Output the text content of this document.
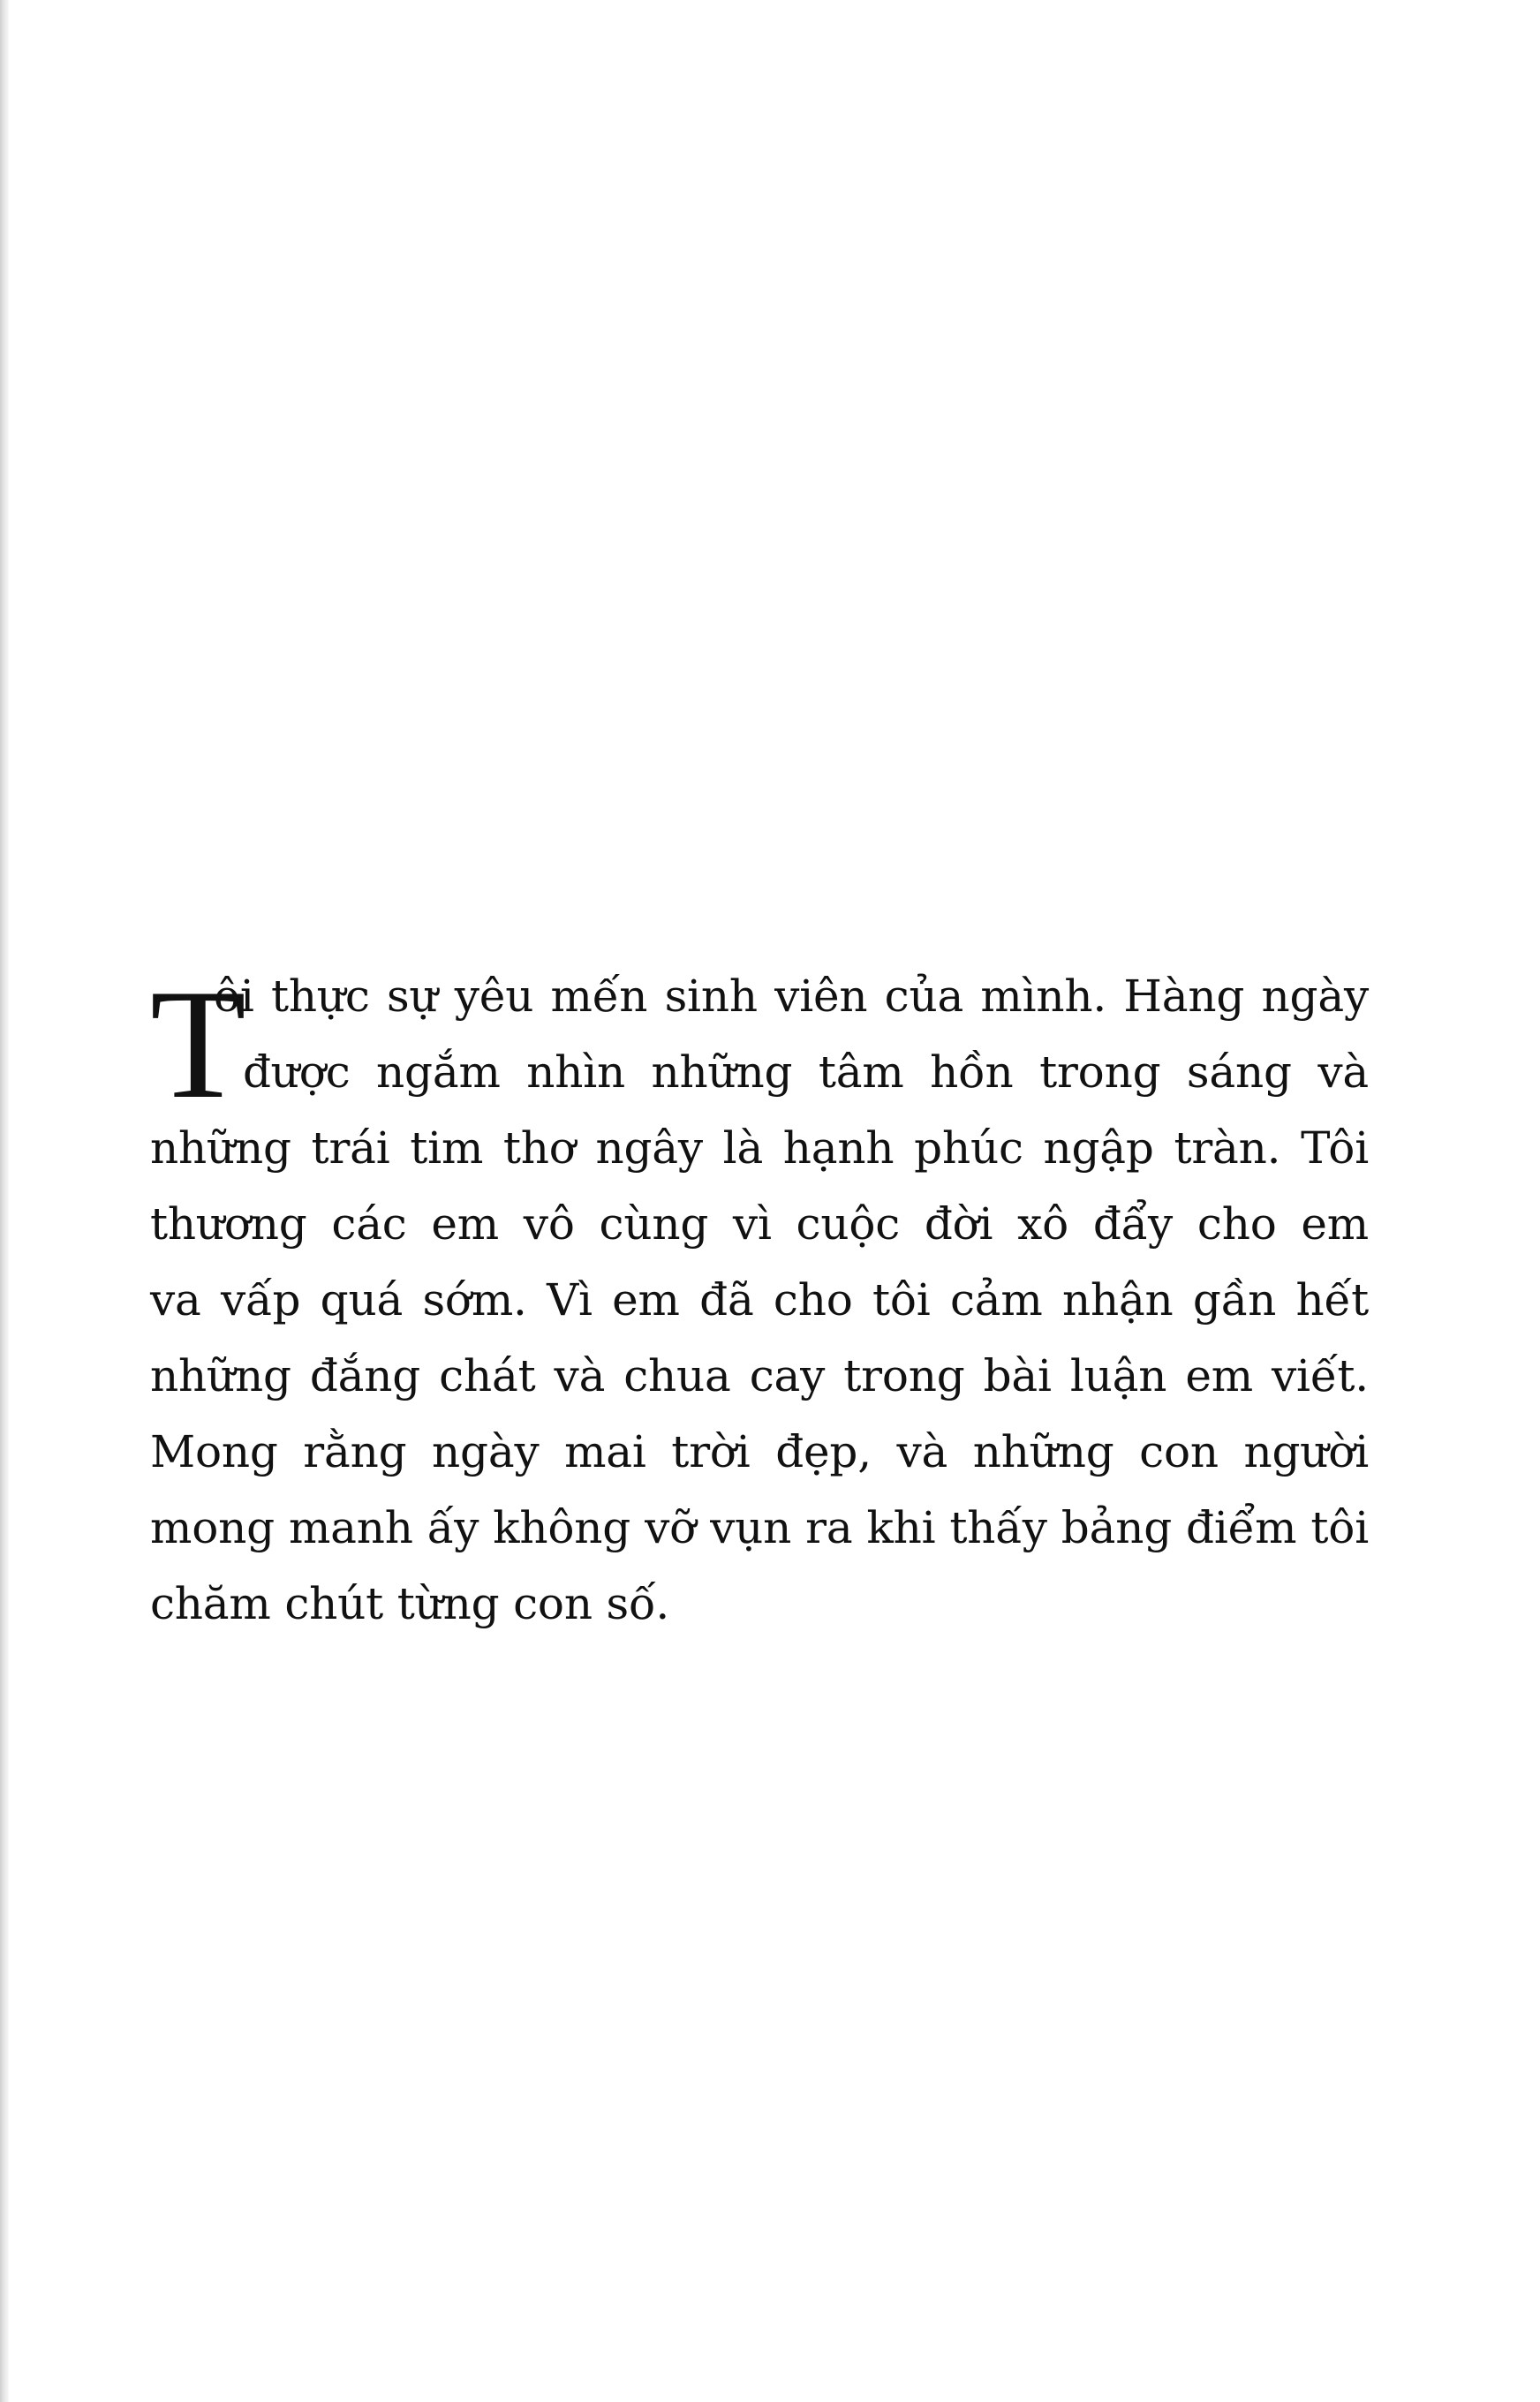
T
ôi thực sự yêu mến sinh viên của mình. Hàng ngày
được ngắm nhìn những tâm hồn trong sáng và
những trái tim thơ ngây là hạnh phúc ngập tràn. Tôi
thương các em vô cùng vì cuộc đời xô đẩy cho em
va vấp quá sớm. Vì em đã cho tôi cảm nhận gần hết
những đắng chát và chua cay trong bài luận em viết.
Mong rằng ngày mai trời đẹp, và những con người
mong manh ấy không vỡ vụn ra khi thấy bảng điểm tôi
chăm chút từng con số.
